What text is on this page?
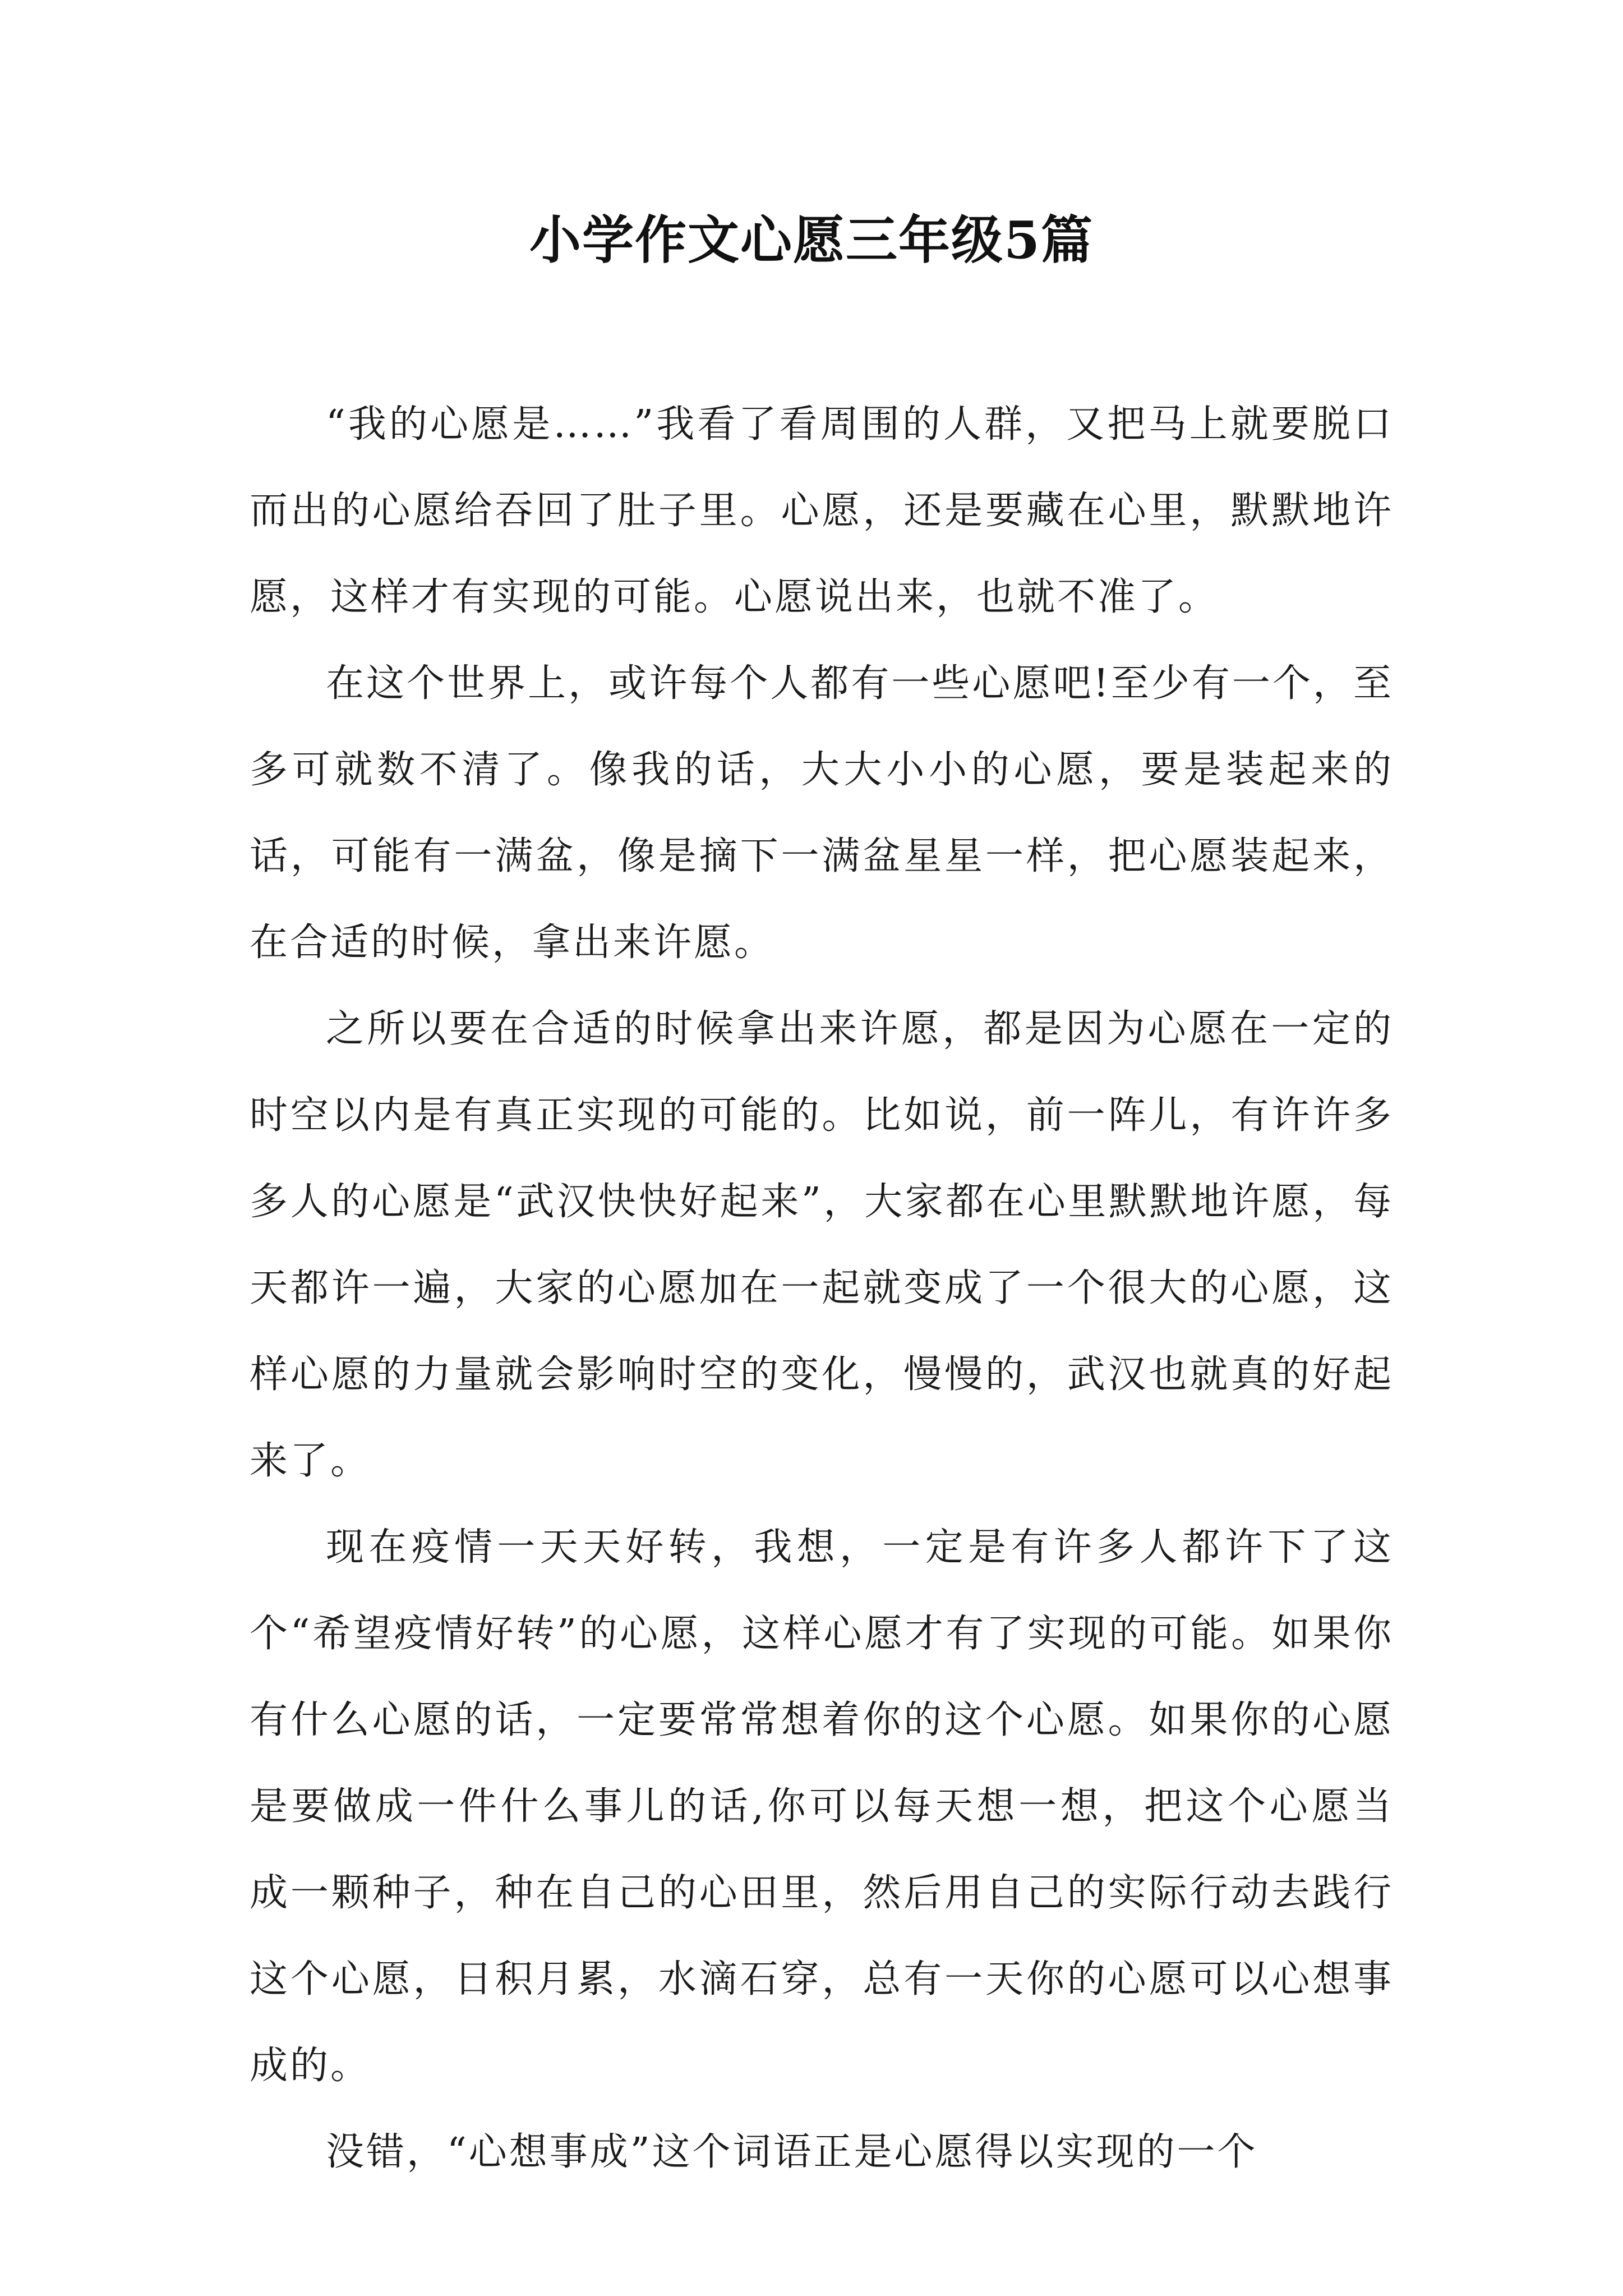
小学作文心愿三年级5篇

“我的心愿是……”我看了看周围的人群，又把马上就要脱口而出的心愿给吞回了肚子里。心愿，还是要藏在心里，默默地许愿，这样才有实现的可能。心愿说出来，也就不准了。

在这个世界上，或许每个人都有一些心愿吧!至少有一个，至多可就数不清了。像我的话，大大小小的心愿，要是装起来的话，可能有一满盆，像是摘下一满盆星星一样，把心愿装起来，在合适的时候，拿出来许愿。

之所以要在合适的时候拿出来许愿，都是因为心愿在一定的时空以内是有真正实现的可能的。比如说，前一阵儿，有许许多多人的心愿是“武汉快快好起来”，大家都在心里默默地许愿，每天都许一遍，大家的心愿加在一起就变成了一个很大的心愿，这样心愿的力量就会影响时空的变化，慢慢的，武汉也就真的好起来了。

现在疫情一天天好转，我想，一定是有许多人都许下了这个“希望疫情好转”的心愿，这样心愿才有了实现的可能。如果你有什么心愿的话，一定要常常想着你的这个心愿。如果你的心愿是要做成一件什么事儿的话,你可以每天想一想，把这个心愿当成一颗种子，种在自己的心田里，然后用自己的实际行动去践行这个心愿，日积月累，水滴石穿，总有一天你的心愿可以心想事成的。

没错，“心想事成”这个词语正是心愿得以实现的一个
